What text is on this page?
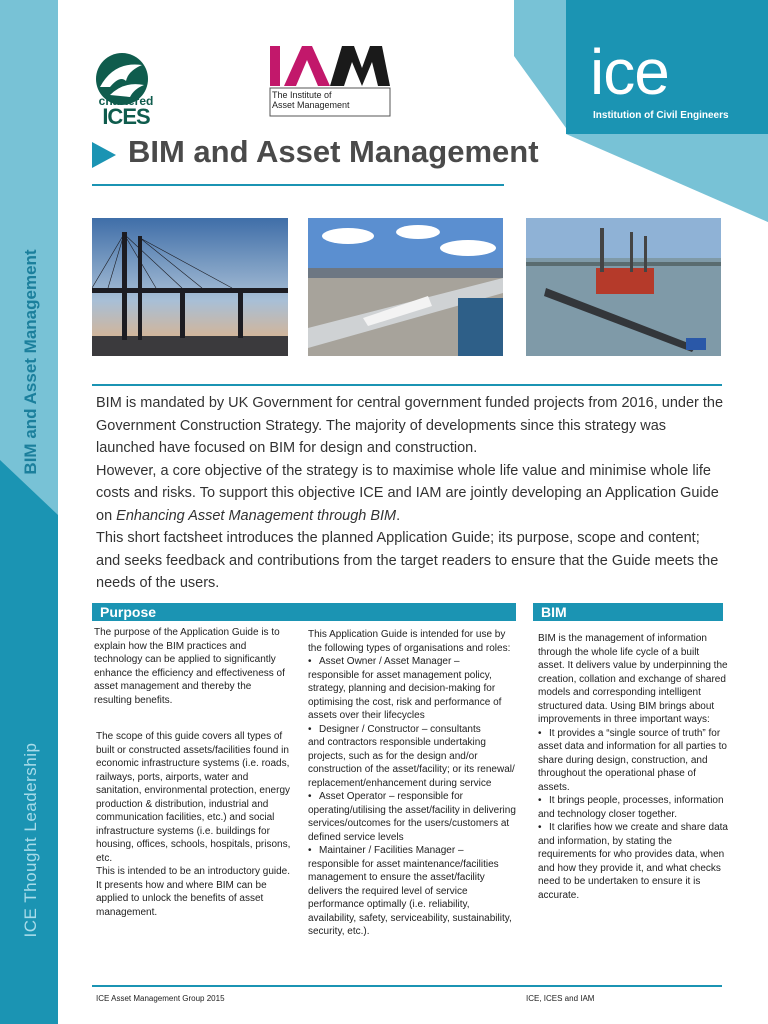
BIM and Asset Management
ICE Thought Leadership
ice
Institution of Civil Engineers
chartered
ICES
The Institute of
Asset Management
BIM and Asset Management

BIM is mandated by UK Government for central government funded projects from 2016, under the Government Construction Strategy. The majority of developments since this strategy was launched have focused on BIM for design and construction.

However, a core objective of the strategy is to maximise whole life value and minimise whole life costs and risks. To support this objective ICE and IAM are jointly developing an Application Guide on Enhancing Asset Management through BIM.

This short factsheet introduces the planned Application Guide; its purpose, scope and content; and seeks feedback and contributions from the target readers to ensure that the Guide meets the needs of the users.

Purpose	BIM

The purpose of the Application Guide is to explain how the BIM practices and technology can be applied to significantly enhance the efficiency and effectiveness of asset management and thereby the resulting benefits.

The scope of this guide covers all types of built or constructed assets/facilities found in economic infrastructure systems (i.e. roads, railways, ports, airports, water and sanitation, environmental protection, energy production & distribution, industrial and communication facilities, etc.) and social infrastructure systems (i.e. buildings for housing, offices, schools, hospitals, prisons, etc.

This is intended to be an introductory guide. It presents how and where BIM can be applied to unlock the benefits of asset management.

This Application Guide is intended for use by the following types of organisations and roles:

• Asset Owner / Asset Manager –
responsible for asset management policy, strategy, planning and decision-making for optimising the cost, risk and performance of assets over their lifecycles
• Designer / Constructor – consultants
and contractors responsible undertaking projects, such as for the design and/or construction of the asset/facility; or its renewal/ replacement/enhancement during service
• Asset Operator – responsible for
operating/utilising the asset/facility in delivering services/outcomes for the users/customers at defined service levels
• Maintainer / Facilities Manager –
responsible for asset maintenance/facilities management to ensure the asset/facility delivers the required level of service performance optimally (i.e. reliability, availability, safety, serviceability, sustainability, security, etc.).

BIM is the management of information through the whole life cycle of a built asset. It delivers value by underpinning the creation, collation and exchange of shared models and corresponding intelligent structured data. Using BIM brings about improvements in three important ways:

• It provides a “single source of truth” for asset data and information for all parties to share during design, construction, and throughout the operational phase of assets.
• It brings people, processes, information and technology closer together.
• It clarifies how we create and share data and information, by stating the requirements for who provides data, when and how they provide it, and what checks need to be undertaken to ensure it is accurate.
ICE Asset Management Group 2015	ICE, ICES and IAM
